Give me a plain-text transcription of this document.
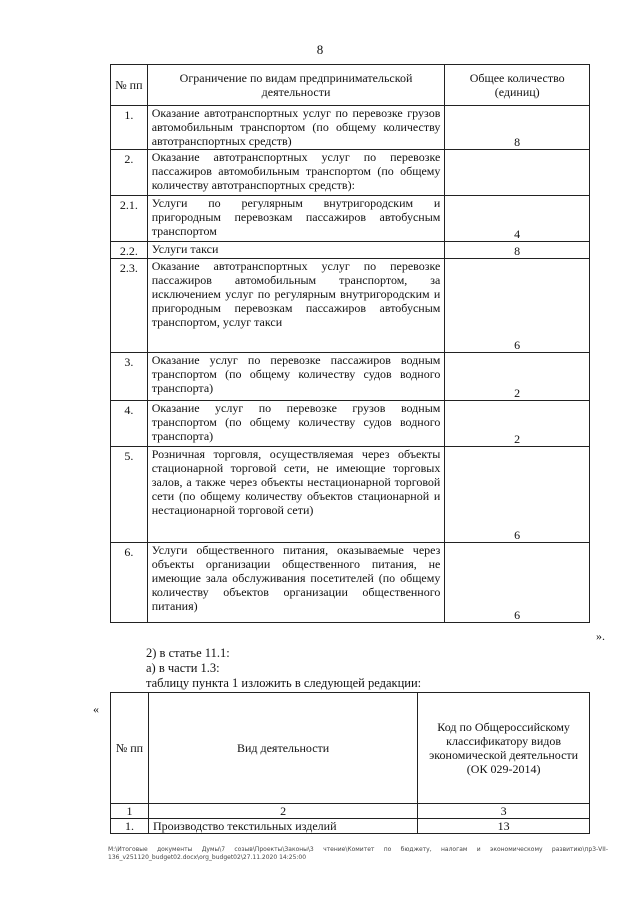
8
№ пп	Ограничение по видам предпринимательской деятельности	Общее количество (единиц)
1.	Оказание автотранспортных услуг по перевозке грузов автомобильным транспортом (по общему количеству автотранспортных средств)	8
2.	Оказание автотранспортных услуг по перевозке пассажиров автомобильным транспортом (по общему количеству автотранспортных средств):	
2.1.	Услуги по регулярным внутригородским и пригородным перевозкам пассажиров автобусным транспортом	4
2.2.	Услуги такси	8
2.3.	Оказание автотранспортных услуг по перевозке пассажиров автомобильным транспортом, за исключением услуг по регулярным внутригородским и пригородным перевозкам пассажиров автобусным транспортом, услуг такси	6
3.	Оказание услуг по перевозке пассажиров водным транспортом (по общему количеству судов водного транспорта)	2
4.	Оказание услуг по перевозке грузов водным транспортом (по общему количеству судов водного транспорта)	2
5.	Розничная торговля, осуществляемая через объекты стационарной торговой сети, не имеющие торговых залов, а также через объекты нестационарной торговой сети (по общему количеству объектов стационарной и нестационарной торговой сети)	6
6.	Услуги общественного питания, оказываемые через объекты организации общественного питания, не имеющие зала обслуживания посетителей (по общему количеству объектов организации общественного питания)	6
».
2) в статье 11.1:
а) в части 1.3:
таблицу пункта 1 изложить в следующей редакции:
«
№ пп	Вид деятельности	Код по Общероссийскому классификатору видов экономической деятельности (ОК 029-2014)
1	2	3
1.	Производство текстильных изделий	13
M:\Итоговые документы Думы\7 созыв\Проекты\Законы\3 чтение\Комитет по бюджету, налогам и экономическому развитию\пр3-VII-136_v251120_budget02.docx\org_budget02\27.11.2020 14:25:00
